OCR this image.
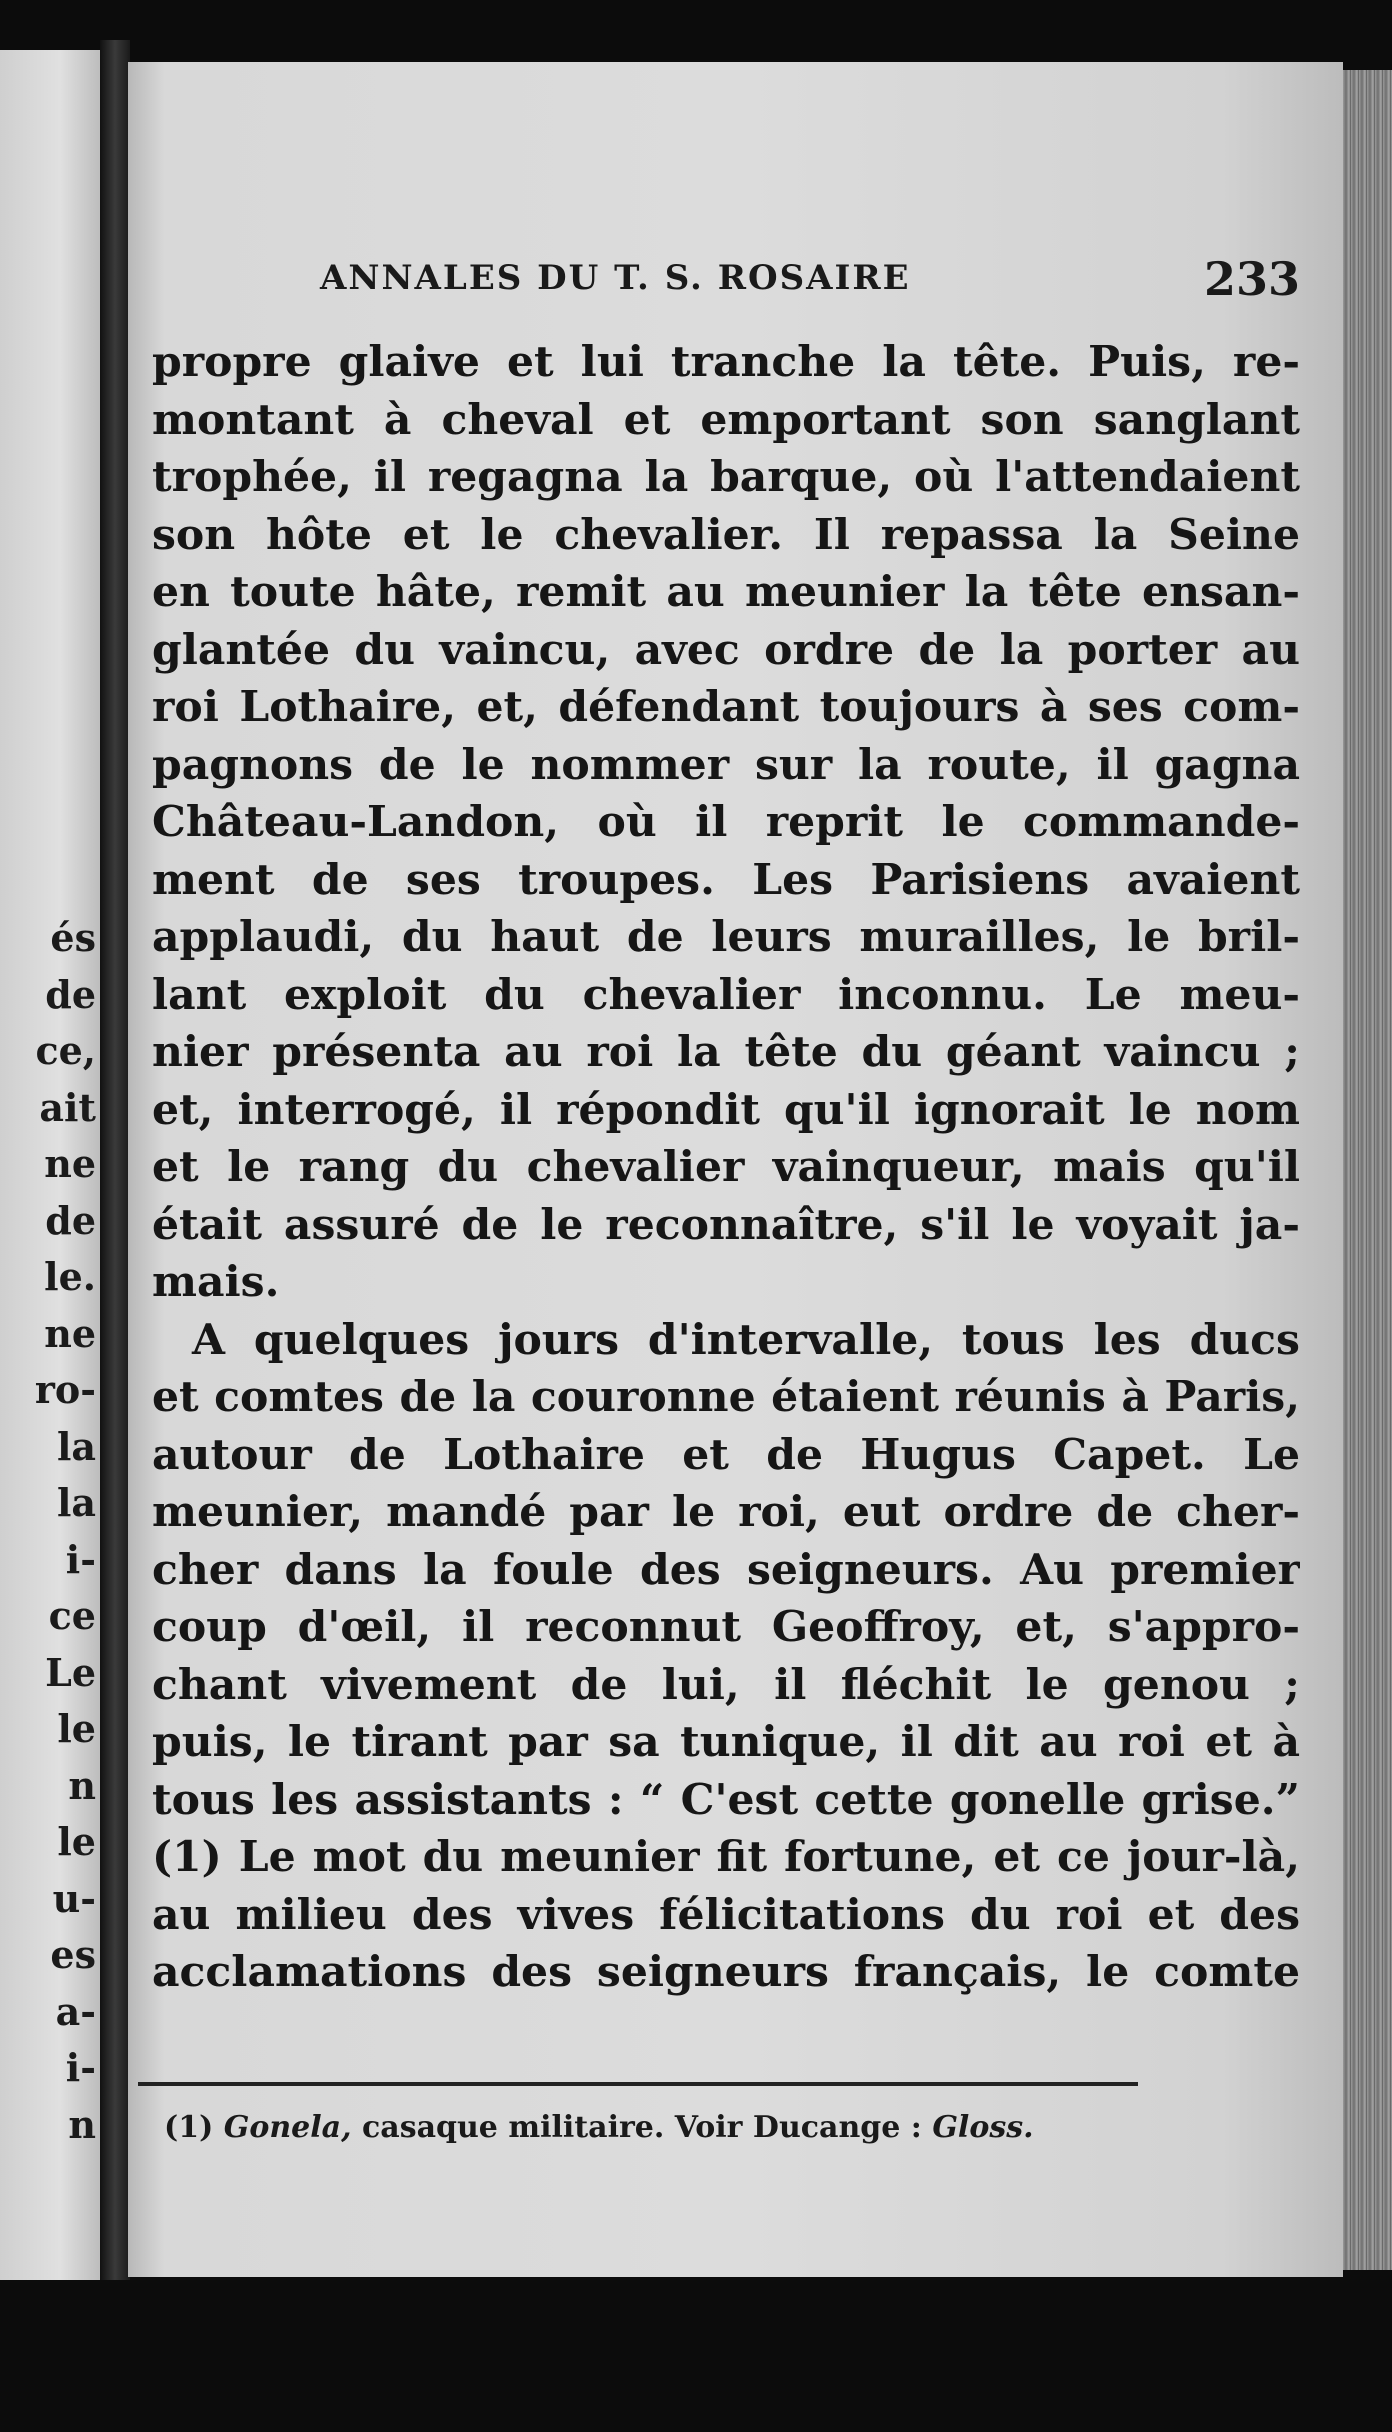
és
de
ce,
ait
ne
de
le.
ne
ro-
la
la
i-
ce
Le
le
n
le
u-
es
a-
i-
n
ANNALES DU T. S. ROSAIRE	233
propre glaive et lui tranche la tête. Puis, re-
montant à cheval et emportant son sanglant
trophée, il regagna la barque, où l'attendaient
son hôte et le chevalier. Il repassa la Seine
en toute hâte, remit au meunier la tête ensan-
glantée du vaincu, avec ordre de la porter au
roi Lothaire, et, défendant toujours à ses com-
pagnons de le nommer sur la route, il gagna
Château-Landon, où il reprit le commande-
ment de ses troupes. Les Parisiens avaient
applaudi, du haut de leurs murailles, le bril-
lant exploit du chevalier inconnu. Le meu-
nier présenta au roi la tête du géant vaincu ;
et, interrogé, il répondit qu'il ignorait le nom
et le rang du chevalier vainqueur, mais qu'il
était assuré de le reconnaître, s'il le voyait ja-
mais.
A quelques jours d'intervalle, tous les ducs
et comtes de la couronne étaient réunis à Paris,
autour de Lothaire et de Hugus Capet. Le
meunier, mandé par le roi, eut ordre de cher-
cher dans la foule des seigneurs. Au premier
coup d'œil, il reconnut Geoffroy, et, s'appro-
chant vivement de lui, il fléchit le genou ;
puis, le tirant par sa tunique, il dit au roi et à
tous les assistants : “ C'est cette gonelle grise.”
(1) Le mot du meunier fit fortune, et ce jour-là,
au milieu des vives félicitations du roi et des
acclamations des seigneurs français, le comte
(1) Gonela, casaque militaire. Voir Ducange : Gloss.
